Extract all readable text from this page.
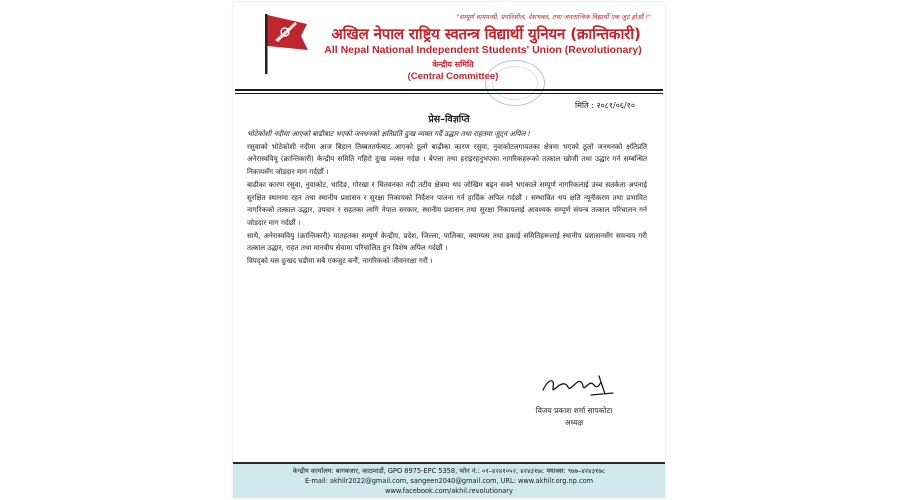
"सम्पूर्ण वामपन्थी, प्रगतिशील, देशभक्त, तथा जनतान्त्रिक विद्यार्थी एक जुट होऔं !"
अखिल नेपाल राष्ट्रिय स्वतन्त्र विद्यार्थी युनियन (क्रान्तिकारी)
All Nepal National Independent Students' Union (Revolutionary)
केन्द्रीय समिति
(Central Committee)
मिति : २०८१/०६/१०
प्रेस–विज्ञप्ति

भोटेकोशी नदीमा आएको बाढीबाट भएको जनधनको क्षतिप्रति दुःख व्यक्त गर्दै उद्धार तथा राहतमा जुट्न अपिल !

रसुवाको भोटेकोशी नदीमा आज बिहान तिब्बततर्फबाट आएको ठूलो बाढीका कारण रसुवा, नुवाकोटलगायतका क्षेत्रमा भएको ठूलो जनधनको क्षतिप्रति अनेरास्ववियु (क्रान्तिकारी) केन्द्रीय समिति गहिरो दुःख व्यक्त गर्दछ । बेपत्ता तथा हराइरहनुभएका नागरिकहरूको तत्काल खोजी तथा उद्धार गर्न सम्बन्धित निकायसँग जोडदार माग गर्दछौं ।

बाढीका कारण रसुवा, नुवाकोट, धादिङ, गोरखा र चितवनका नदी तटीय क्षेत्रमा थप जोखिम बढ्न सक्ने भएकाले सम्पूर्ण नागरिकलाई उच्च सतर्कता अपनाई सुरक्षित स्थानमा रहन तथा स्थानीय प्रशासन र सुरक्षा निकायको निर्देशन पालना गर्न हार्दिक अपिल गर्दछौं । सम्भावित थप क्षति न्यूनीकरण तथा प्रभावित नागरिकको तत्काल उद्धार, उपचार र राहतका लागि नेपाल सरकार, स्थानीय प्रशासन तथा सुरक्षा निकायलाई आवश्यक सम्पूर्ण संयन्त्र तत्काल परिचालन गर्न जोडदार माग गर्दछौं ।

साथै, अनेरास्ववियु (क्रान्तिकारी) मातहतका सम्पूर्ण केन्द्रीय, प्रदेश, जिल्ला, पालिका, क्याम्पस तथा इकाई समितिहरूलाई स्थानीय प्रशासनसँग समन्वय गरी तत्काल उद्धार, राहत तथा मानवीय सेवामा परिचालित हुन विशेष अपिल गर्दछौं ।

विपद्को यस दुःखद घडीमा सबै एकजुट बनौं, नागरिकको जीवनरक्षा गरौं ।

विजय प्रकाश शर्मा सापकोटा
अध्यक्ष
केन्द्रीय कार्यालय: बागबजार, काठमाडौं, GPO 8975-EPC 5358, फोन नं.: ०१–४२४१०५२, ४२४३१७८ फ्याक्स: ९७७–४२४३१७८
E-mail: akhilr2022@gmail.com, sangeen2040@gmail.com, URL: www.akhilr.org.np.com
www.facebook.com/akhil.revolutionary
